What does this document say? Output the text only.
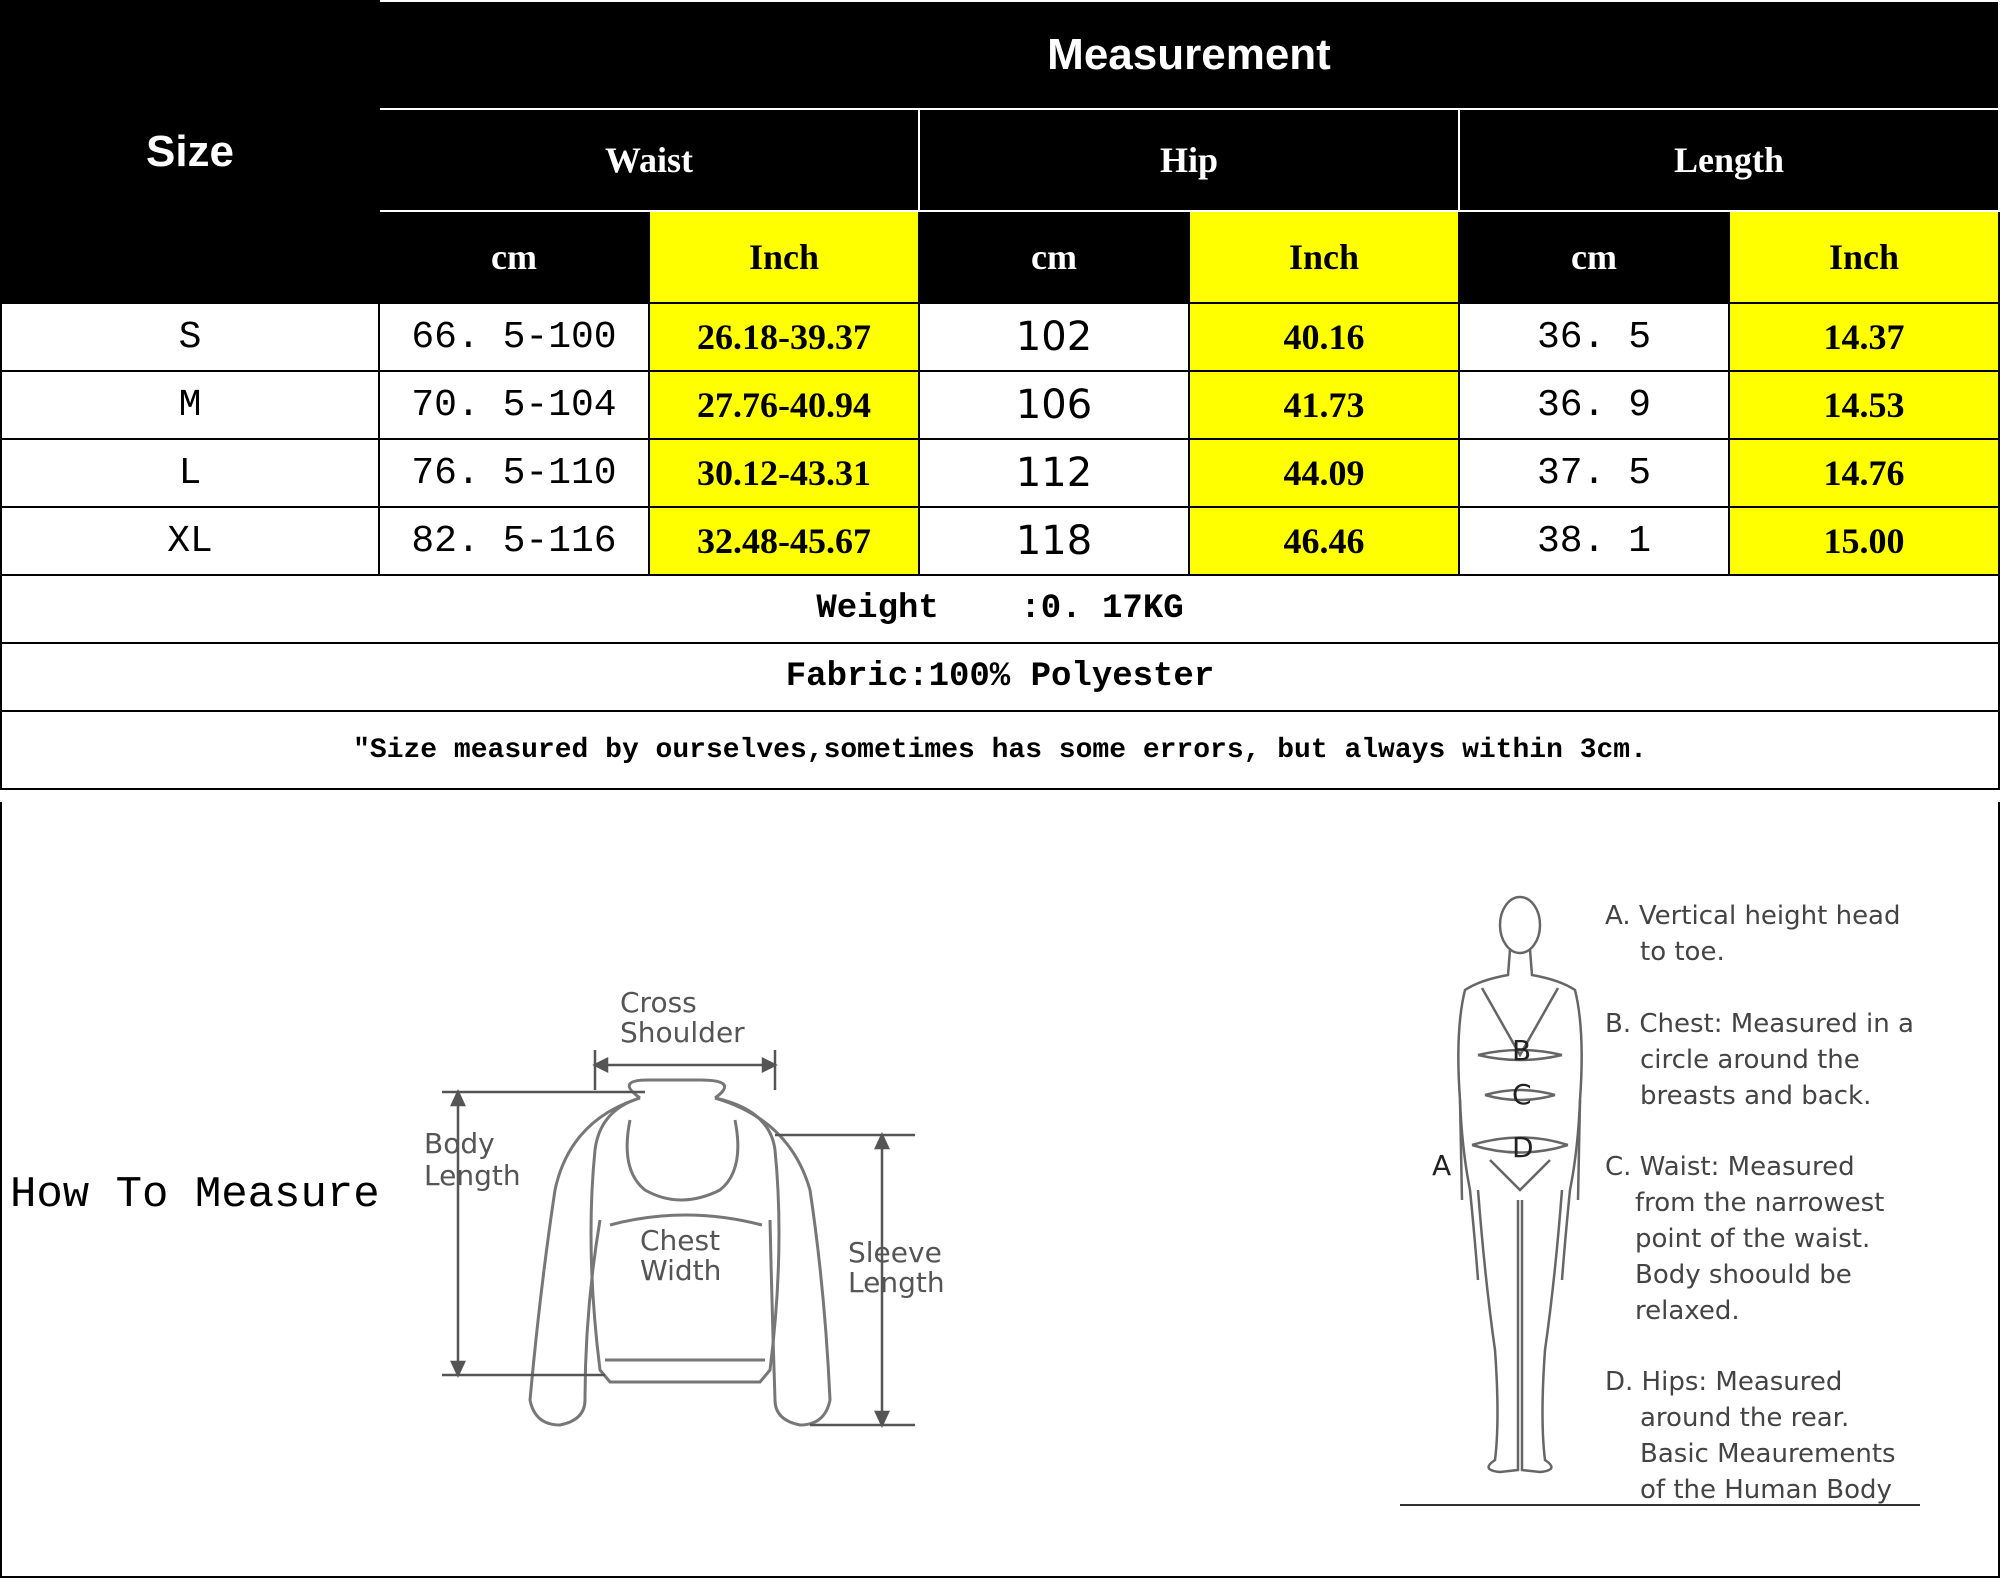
Size	Measurement					
	Waist		Hip		Length	
	cm	Inch	cm	Inch	cm	Inch
S	66. 5-100	26.18-39.37	102	40.16	36. 5	14.37
M	70. 5-104	27.76-40.94	106	41.73	36. 9	14.53
L	76. 5-110	30.12-43.31	112	44.09	37. 5	14.76
XL	82. 5-116	32.48-45.67	118	46.46	38. 1	15.00
Weight    :0. 17KG						
Fabric:100% Polyester						
"Size measured by ourselves,sometimes has some errors, but always within 3cm.						
How To Measure
Cross
Shoulder
Body
Length
Chest
Width
Sleeve
Length
A
B
C
D
A. Vertical height head
to toe.
B. Chest: Measured in a
circle around the
breasts and back.
C. Waist: Measured
from the narrowest
point of the waist.
Body shoould be
relaxed.
D. Hips: Measured
around the rear.
Basic Meaurements
of the Human Body
